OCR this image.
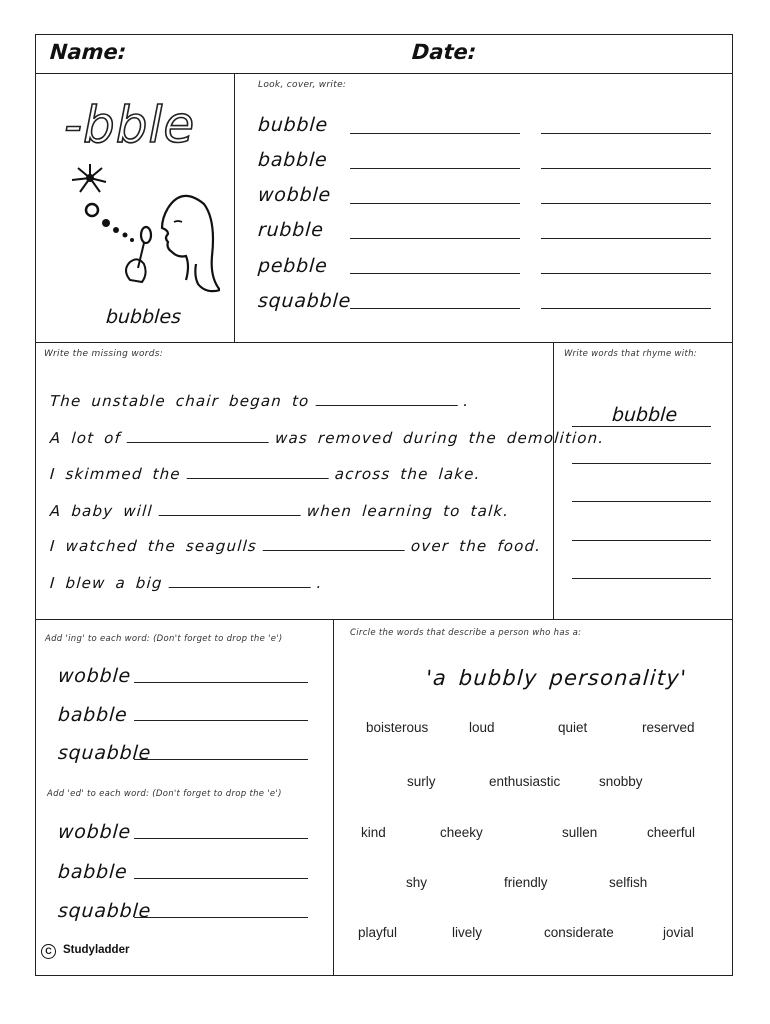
Name:	Date:
-bble
bubbles
Look, cover, write:
bubble
babble
wobble
rubble
pebble
squabble
Write the missing words:
The unstable chair began to	.
A lot of	was removed during the demolition.
I skimmed the	across the lake.
A baby will	when learning to talk.
I watched the seagulls	over the food.
I blew a big	.
Write words that rhyme with:
bubble
Add 'ing' to each word: (Don't forget to drop the 'e')
wobble
babble
squabble
Add 'ed' to each word: (Don't forget to drop the 'e')
wobble
babble
squabble
C Studyladder
Circle the words that describe a person who has a:
'a bubbly personality'
boisterous	loud	quiet	reserved
surly	enthusiastic	snobby
kind	cheeky	sullen	cheerful
shy	friendly	selfish
playful	lively	considerate	jovial
